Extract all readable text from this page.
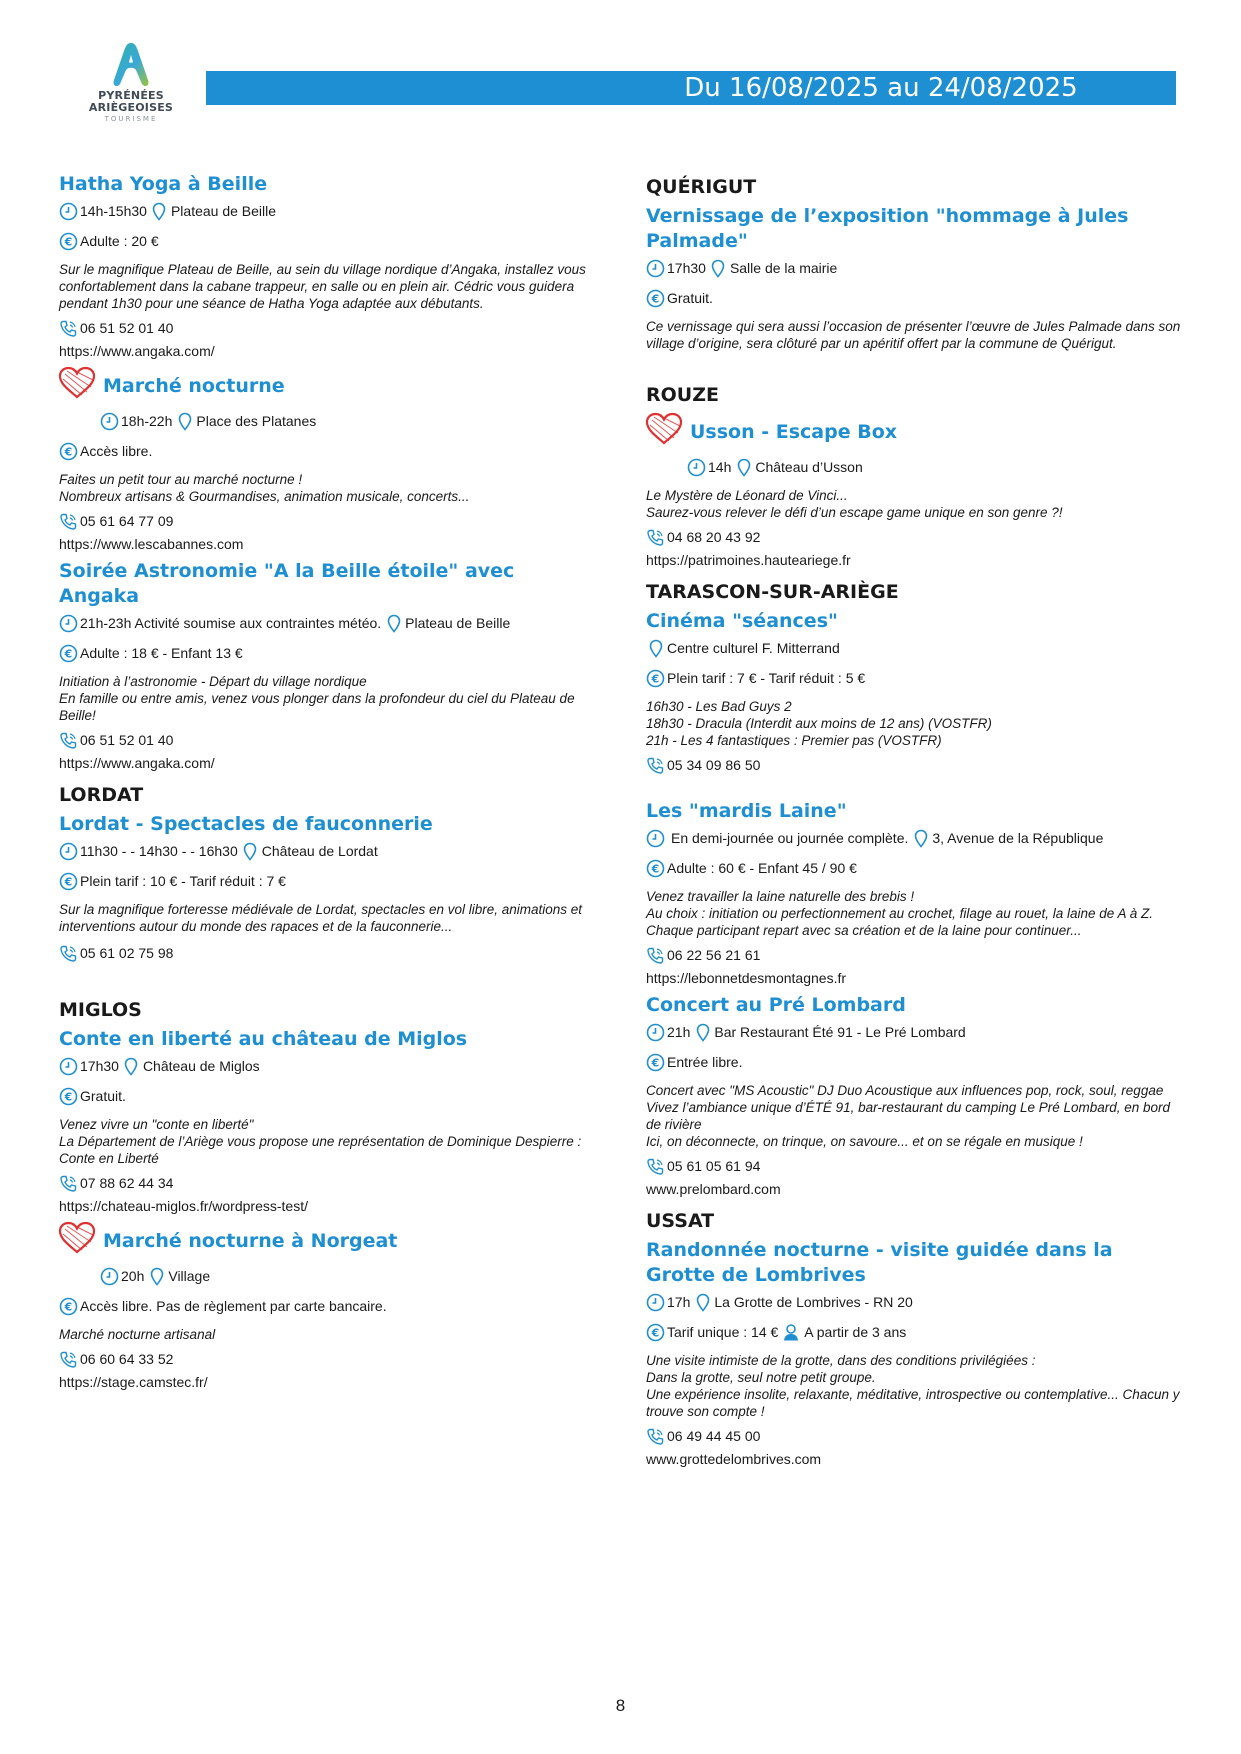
PYRÉNÉES
ARIÈGEOISES
TOURISME
Du 16/08/2025 au 24/08/2025
Hatha Yoga à Beille
14h-15h30 Plateau de Beille
€ Adulte : 20 €
Sur le magnifique Plateau de Beille, au sein du village nordique d’Angaka, installez vous confortablement dans la cabane trappeur, en salle ou en plein air. Cédric vous guidera pendant 1h30 pour une séance de Hatha Yoga adaptée aux débutants.
06 51 52 01 40
https://www.angaka.com/
Marché nocturne
18h-22h Place des Platanes
€ Accès libre.
Faites un petit tour au marché nocturne !
Nombreux artisans & Gourmandises, animation musicale, concerts...
05 61 64 77 09
https://www.lescabannes.com
Soirée Astronomie "A la Beille étoile" avec Angaka
21h-23h Activité soumise aux contraintes météo. Plateau de Beille
€ Adulte : 18 € - Enfant 13 €
Initiation à l’astronomie - Départ du village nordique
En famille ou entre amis, venez vous plonger dans la profondeur du ciel du Plateau de Beille!
06 51 52 01 40
https://www.angaka.com/
LORDAT
Lordat - Spectacles de fauconnerie
11h30 - - 14h30 - - 16h30 Château de Lordat
€ Plein tarif : 10 € - Tarif réduit : 7 €
Sur la magnifique forteresse médiévale de Lordat, spectacles en vol libre, animations et interventions autour du monde des rapaces et de la fauconnerie...
05 61 02 75 98
MIGLOS
Conte en liberté au château de Miglos
17h30 Château de Miglos
€ Gratuit.
Venez vivre un "conte en liberté"
La Département de l’Ariège vous propose une représentation de Dominique Despierre : Conte en Liberté
07 88 62 44 34
https://chateau-miglos.fr/wordpress-test/
Marché nocturne à Norgeat
20h Village
€ Accès libre. Pas de règlement par carte bancaire.
Marché nocturne artisanal
06 60 64 33 52
https://stage.camstec.fr/
QUÉRIGUT
Vernissage de l’exposition "hommage à Jules Palmade"
17h30 Salle de la mairie
€ Gratuit.
Ce vernissage qui sera aussi l’occasion de présenter l’œuvre de Jules Palmade dans son village d’origine, sera clôturé par un apéritif offert par la commune de Quérigut.
ROUZE
Usson - Escape Box
14h Château d’Usson
Le Mystère de Léonard de Vinci...
Saurez-vous relever le défi d’un escape game unique en son genre ?!
04 68 20 43 92
https://patrimoines.hauteariege.fr
TARASCON-SUR-ARIÈGE
Cinéma "séances"
Centre culturel F. Mitterrand
€ Plein tarif : 7 € - Tarif réduit : 5 €
16h30 - Les Bad Guys 2
18h30 - Dracula (Interdit aux moins de 12 ans) (VOSTFR)
21h - Les 4 fantastiques : Premier pas (VOSTFR)
05 34 09 86 50
Les "mardis Laine"
En demi-journée ou journée complète. 3, Avenue de la République
€ Adulte : 60 € - Enfant 45 / 90 €
Venez travailler la laine naturelle des brebis !
Au choix : initiation ou perfectionnement au crochet, filage au rouet, la laine de A à Z.
Chaque participant repart avec sa création et de la laine pour continuer...
06 22 56 21 61
https://lebonnetdesmontagnes.fr
Concert au Pré Lombard
21h Bar Restaurant Été 91 - Le Pré Lombard
€ Entrée libre.
Concert avec "MS Acoustic" DJ Duo Acoustique aux influences pop, rock, soul, reggae
Vivez l’ambiance unique d’ÉTÉ 91, bar-restaurant du camping Le Pré Lombard, en bord de rivière
Ici, on déconnecte, on trinque, on savoure... et on se régale en musique !
05 61 05 61 94
www.prelombard.com
USSAT
Randonnée nocturne - visite guidée dans la Grotte de Lombrives
17h La Grotte de Lombrives - RN 20
€ Tarif unique : 14 € A partir de 3 ans
Une visite intimiste de la grotte, dans des conditions privilégiées :
Dans la grotte, seul notre petit groupe.
Une expérience insolite, relaxante, méditative, introspective ou contemplative... Chacun y trouve son compte !
06 49 44 45 00
www.grottedelombrives.com
8
